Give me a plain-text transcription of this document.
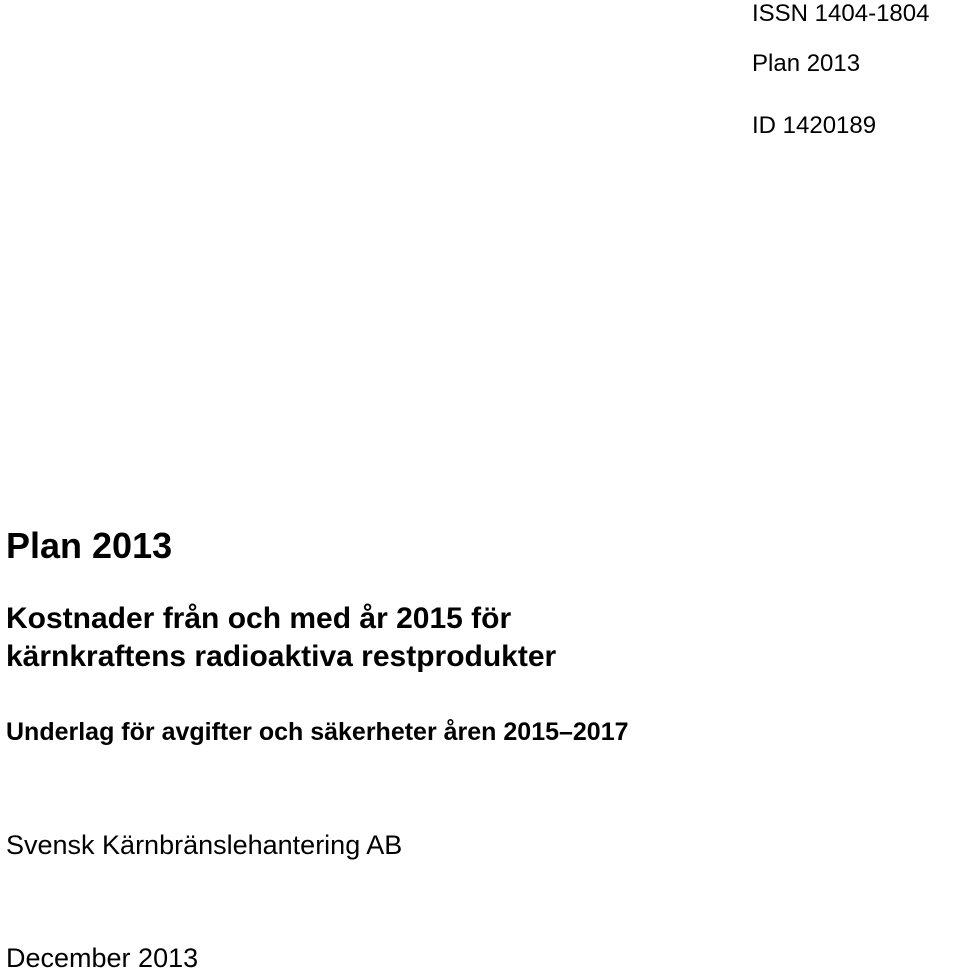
ISSN 1404-1804
Plan 2013
ID 1420189
Plan 2013
Kostnader från och med år 2015 för
kärnkraftens radioaktiva restprodukter
Underlag för avgifter och säkerheter åren 2015–2017
Svensk Kärnbränslehantering AB
December 2013
